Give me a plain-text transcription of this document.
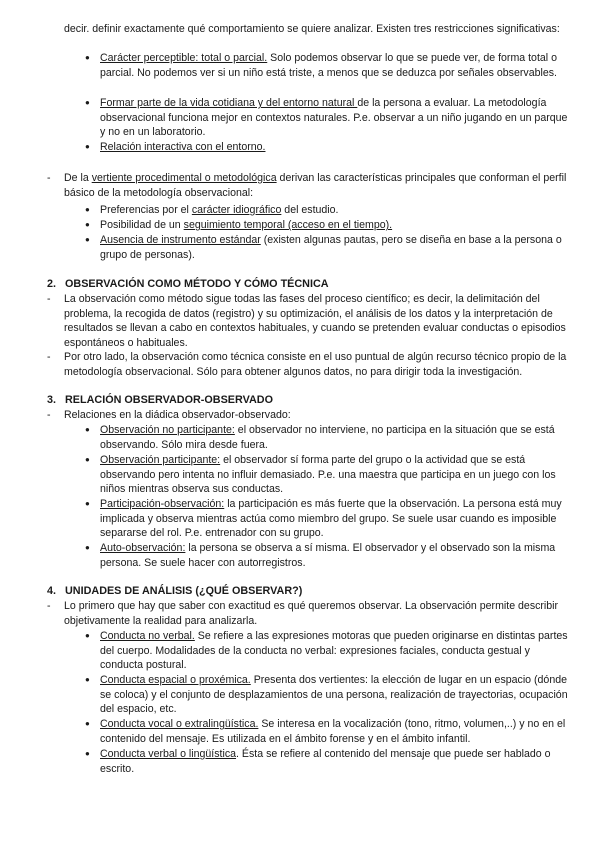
decir. definir exactamente qué comportamiento se quiere analizar. Existen tres restricciones significativas:

● Carácter perceptible: total o parcial. Solo podemos observar lo que se puede ver, de forma total o parcial. No podemos ver si un niño está triste, a menos que se deduzca por señales observables.

● Formar parte de la vida cotidiana y del entorno natural de la persona a evaluar. La metodología observacional funciona mejor en contextos naturales. P.e. observar a un niño jugando en un parque y no en un laboratorio.

● Relación interactiva con el entorno.

- De la vertiente procedimental o metodológica derivan las características principales que conforman el perfil básico de la metodología observacional:

● Preferencias por el carácter idiográfico del estudio.

● Posibilidad de un seguimiento temporal (acceso en el tiempo).

● Ausencia de instrumento estándar (existen algunas pautas, pero se diseña en base a la persona o grupo de personas).

2. OBSERVACIÓN COMO MÉTODO Y CÓMO TÉCNICA

- La observación como método sigue todas las fases del proceso científico; es decir, la delimitación del problema, la recogida de datos (registro) y su optimización, el análisis de los datos y la interpretación de resultados se llevan a cabo en contextos habituales, y cuando se pretenden evaluar conductas o episodios espontáneos o habituales.

- Por otro lado, la observación como técnica consiste en el uso puntual de algún recurso técnico propio de la metodología observacional. Sólo para obtener algunos datos, no para dirigir toda la investigación.

3. RELACIÓN OBSERVADOR-OBSERVADO

- Relaciones en la diádica observador-observado:

● Observación no participante: el observador no interviene, no participa en la situación que se está observando. Sólo mira desde fuera.

● Observación participante: el observador sí forma parte del grupo o la actividad que se está observando pero intenta no influir demasiado. P.e. una maestra que participa en un juego con los niños mientras observa sus conductas.

● Participación-observación: la participación es más fuerte que la observación. La persona está muy implicada y observa mientras actúa como miembro del grupo. Se suele usar cuando es imposible separarse del rol. P.e. entrenador con su grupo.

● Auto-observación: la persona se observa a sí misma. El observador y el observado son la misma persona. Se suele hacer con autorregistros.

4. UNIDADES DE ANÁLISIS (¿QUÉ OBSERVAR?)

- Lo primero que hay que saber con exactitud es qué queremos observar. La observación permite describir objetivamente la realidad para analizarla.

● Conducta no verbal. Se refiere a las expresiones motoras que pueden originarse en distintas partes del cuerpo. Modalidades de la conducta no verbal: expresiones faciales, conducta gestual y conducta postural.

● Conducta espacial o proxémica. Presenta dos vertientes: la elección de lugar en un espacio (dónde se coloca) y el conjunto de desplazamientos de una persona, realización de trayectorias, ocupación del espacio, etc.

● Conducta vocal o extralingüística. Se interesa en la vocalización (tono, ritmo, volumen,..) y no en el contenido del mensaje. Es utilizada en el ámbito forense y en el ámbito infantil.

● Conducta verbal o lingüística. Ésta se refiere al contenido del mensaje que puede ser hablado o escrito.
